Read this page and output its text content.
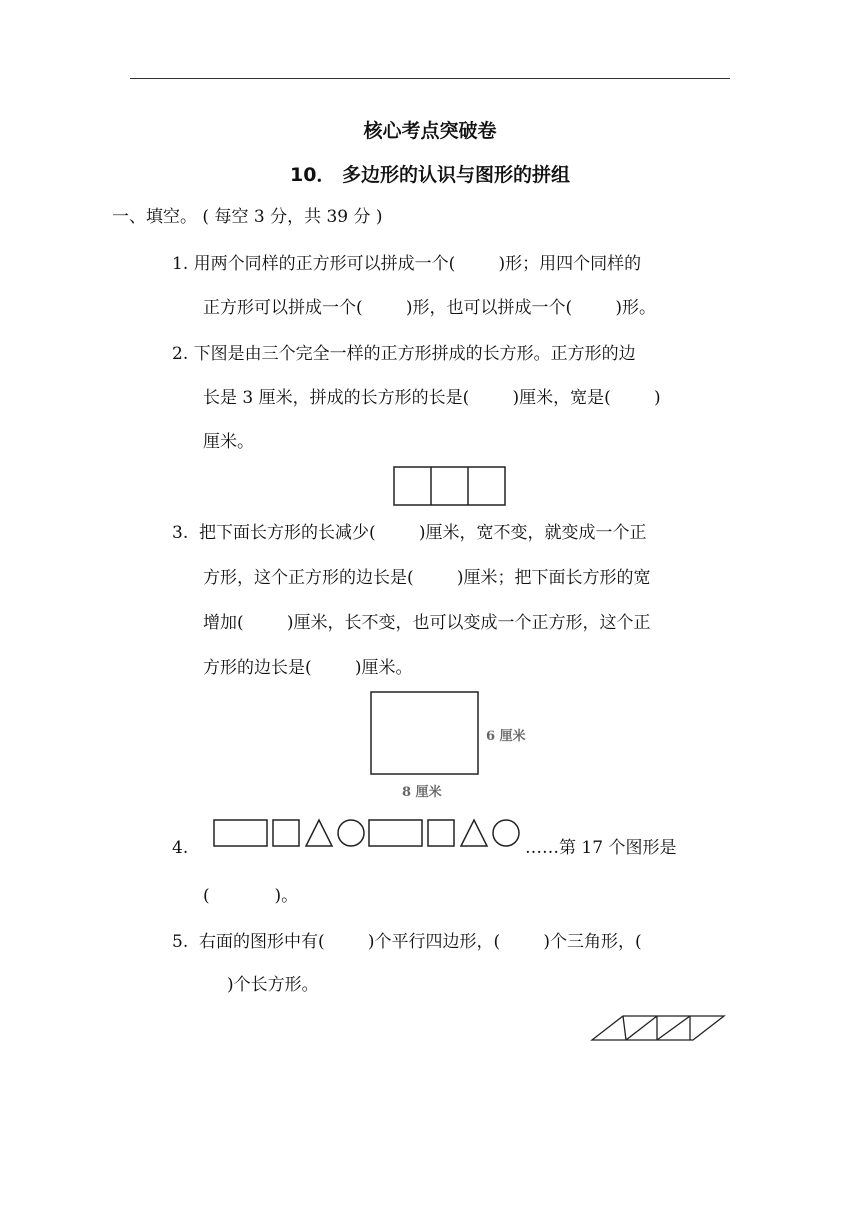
核心考点突破卷
10． 多边形的认识与图形的拼组
一、填空。 ( 每空 3 分，共 39 分 )
1. 用两个同样的正方形可以拼成一个(        )形；用四个同样的
正方形可以拼成一个(        )形，也可以拼成一个(        )形。
2. 下图是由三个完全一样的正方形拼成的长方形。正方形的边
长是 3 厘米，拼成的长方形的长是(        )厘米，宽是(        )
厘米。
3.  把下面长方形的长减少(        )厘米，宽不变，就变成一个正
方形，这个正方形的边长是(        )厘米；把下面长方形的宽
增加(        )厘米，长不变，也可以变成一个正方形，这个正
方形的边长是(        )厘米。
6 厘米
8 厘米
4.	……第 17 个图形是
(            )。
5.  右面的图形中有(        )个平行四边形，(        )个三角形，(
)个长方形。
